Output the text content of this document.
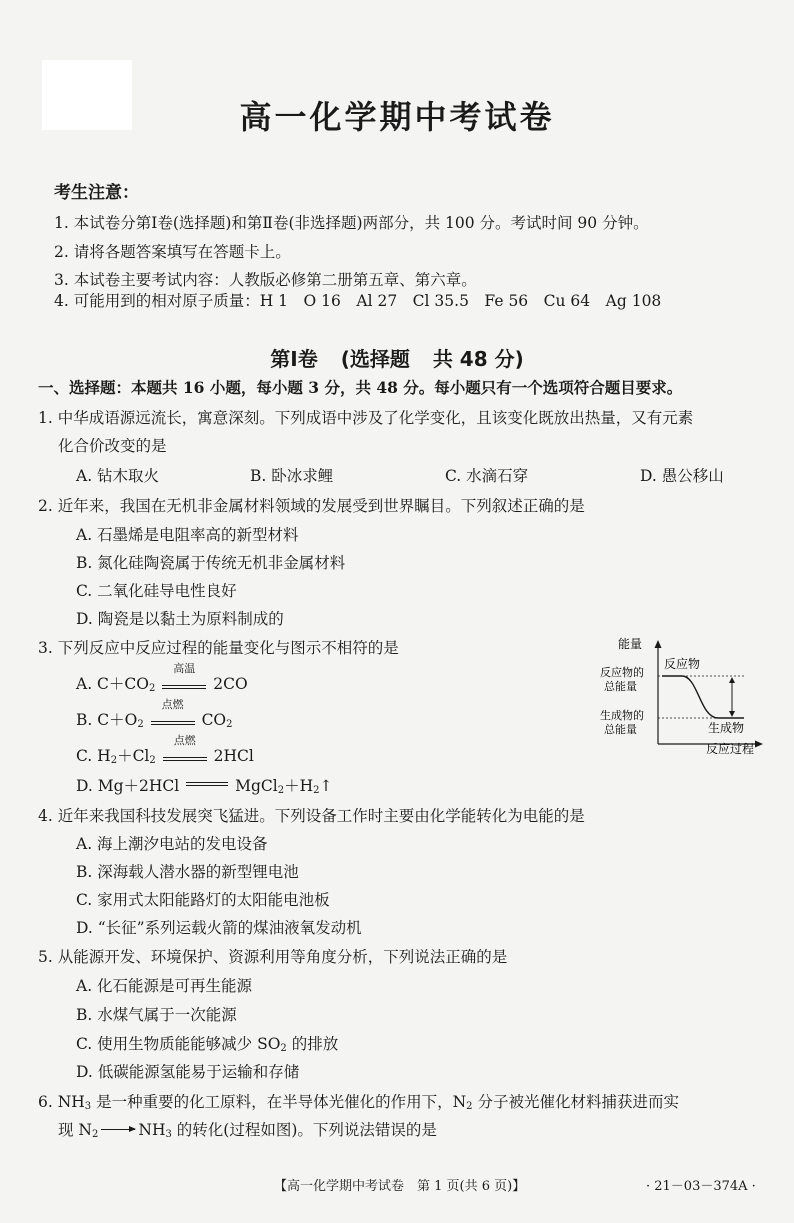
高一化学期中考试卷
考生注意：
1. 本试卷分第Ⅰ卷(选择题)和第Ⅱ卷(非选择题)两部分，共 100 分。考试时间 90 分钟。
2. 请将各题答案填写在答题卡上。
3. 本试卷主要考试内容：人教版必修第二册第五章、第六章。
4. 可能用到的相对原子质量：H 1　O 16　Al 27　Cl 35.5　Fe 56　Cu 64　Ag 108
第Ⅰ卷 (选择题 共 48 分)
一、选择题：本题共 16 小题，每小题 3 分，共 48 分。每小题只有一个选项符合题目要求。
1. 中华成语源远流长，寓意深刻。下列成语中涉及了化学变化，且该变化既放出热量，又有元素
化合价改变的是
A. 钻木取火	B. 卧冰求鲤	C. 水滴石穿	D. 愚公移山
2. 近年来，我国在无机非金属材料领域的发展受到世界瞩目。下列叙述正确的是
A. 石墨烯是电阻率高的新型材料
B. 氮化硅陶瓷属于传统无机非金属材料
C. 二氧化硅导电性良好
D. 陶瓷是以黏土为原料制成的
3. 下列反应中反应过程的能量变化与图示不相符的是
A. $C+CO_2$
高温
2CO
B. $C+O_2$
点燃
$CO_2$
C. $H_2+Cl_2$
点燃
2HCl
D. Mg＋2HCl	$MgCl_2+H_2↑$
能量
反应物
反应物的
总能量
生成物的
总能量	生成物
反应过程
4. 近年来我国科技发展突飞猛进。下列设备工作时主要由化学能转化为电能的是
A. 海上潮汐电站的发电设备
B. 深海载人潜水器的新型锂电池
C. 家用式太阳能路灯的太阳能电池板
D. “长征”系列运载火箭的煤油液氧发动机
5. 从能源开发、环境保护、资源利用等角度分析，下列说法正确的是
A. 化石能源是可再生能源
B. 水煤气属于一次能源
C. 使用生物质能能够减少 $SO_2$ 的排放
D. 低碳能源氢能易于运输和存储
6. $NH_3$ 是一种重要的化工原料，在半导体光催化的作用下，$N_2$ 分子被光催化材料捕获进而实
现 $N_2$	$NH_3$ 的转化(过程如图)。下列说法错误的是
【高一化学期中考试卷　第 1 页(共 6 页)】	· 21－03－374A ·
